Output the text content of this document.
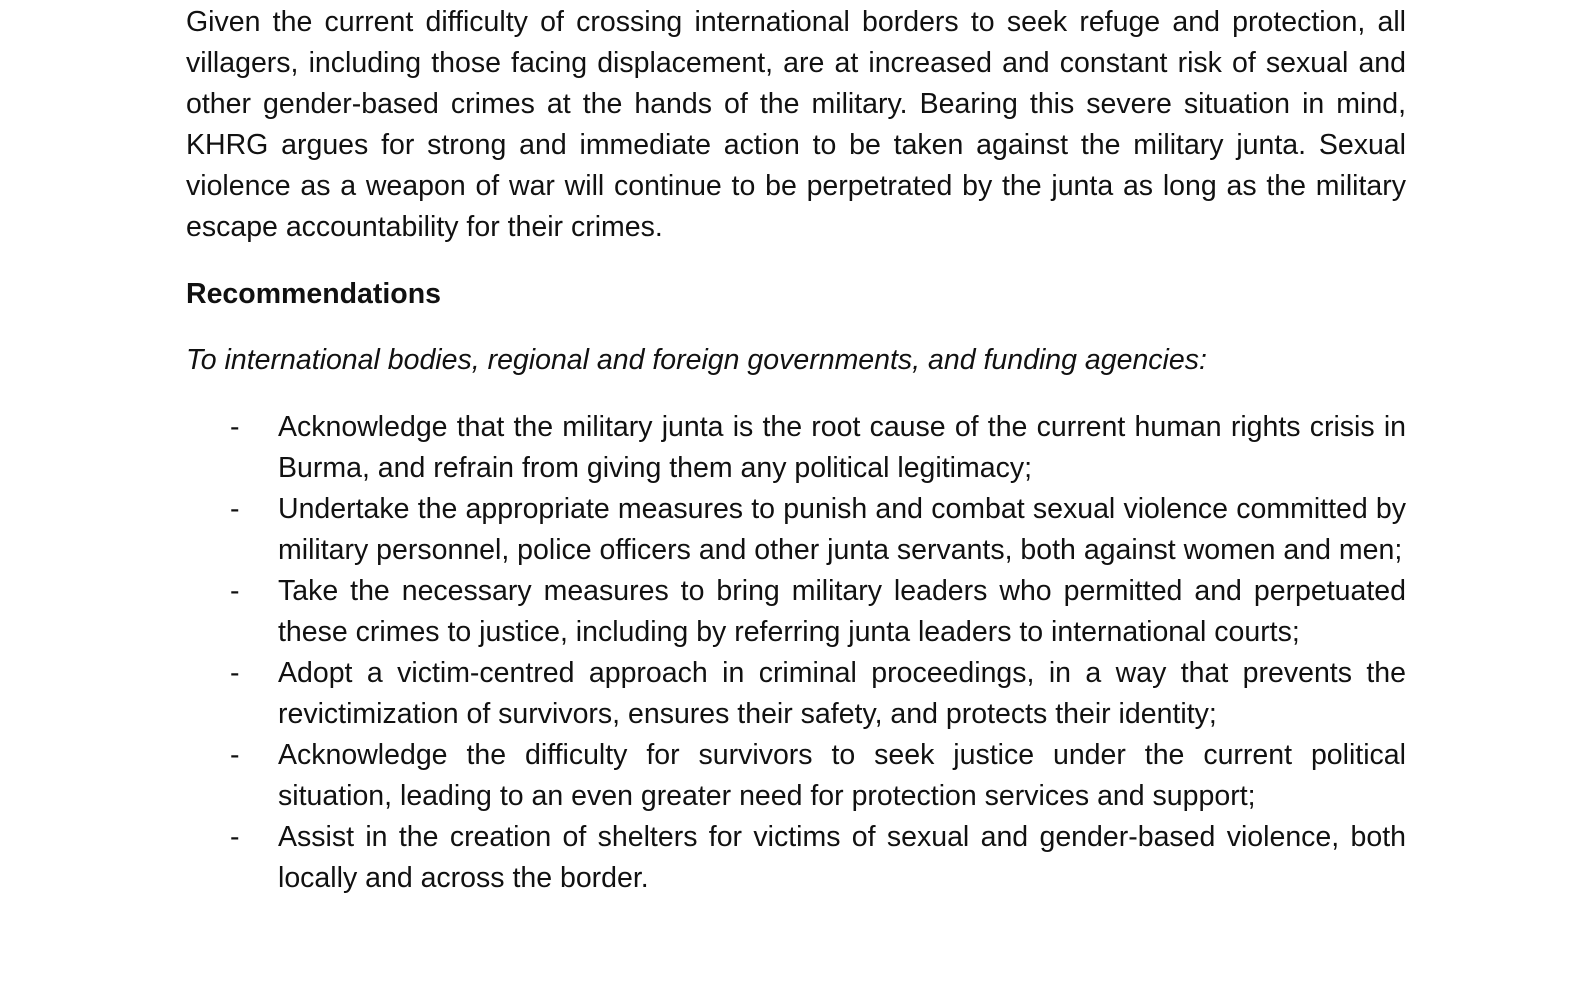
Given the current difficulty of crossing international borders to seek refuge and protection, all villagers, including those facing displacement, are at increased and constant risk of sexual and other gender-based crimes at the hands of the military. Bearing this severe situation in mind, KHRG argues for strong and immediate action to be taken against the military junta. Sexual violence as a weapon of war will continue to be perpetrated by the junta as long as the military escape accountability for their crimes.

Recommendations

To international bodies, regional and foreign governments, and funding agencies:

-	Acknowledge that the military junta is the root cause of the current human rights crisis in Burma, and refrain from giving them any political legitimacy;
-	Undertake the appropriate measures to punish and combat sexual violence committed by military personnel, police officers and other junta servants, both against women and men;
-	Take the necessary measures to bring military leaders who permitted and perpetuated these crimes to justice, including by referring junta leaders to international courts;
-	Adopt a victim-centred approach in criminal proceedings, in a way that prevents the revictimization of survivors, ensures their safety, and protects their identity;
-	Acknowledge the difficulty for survivors to seek justice under the current political situation, leading to an even greater need for protection services and support;
-	Assist in the creation of shelters for victims of sexual and gender-based violence, both locally and across the border.
